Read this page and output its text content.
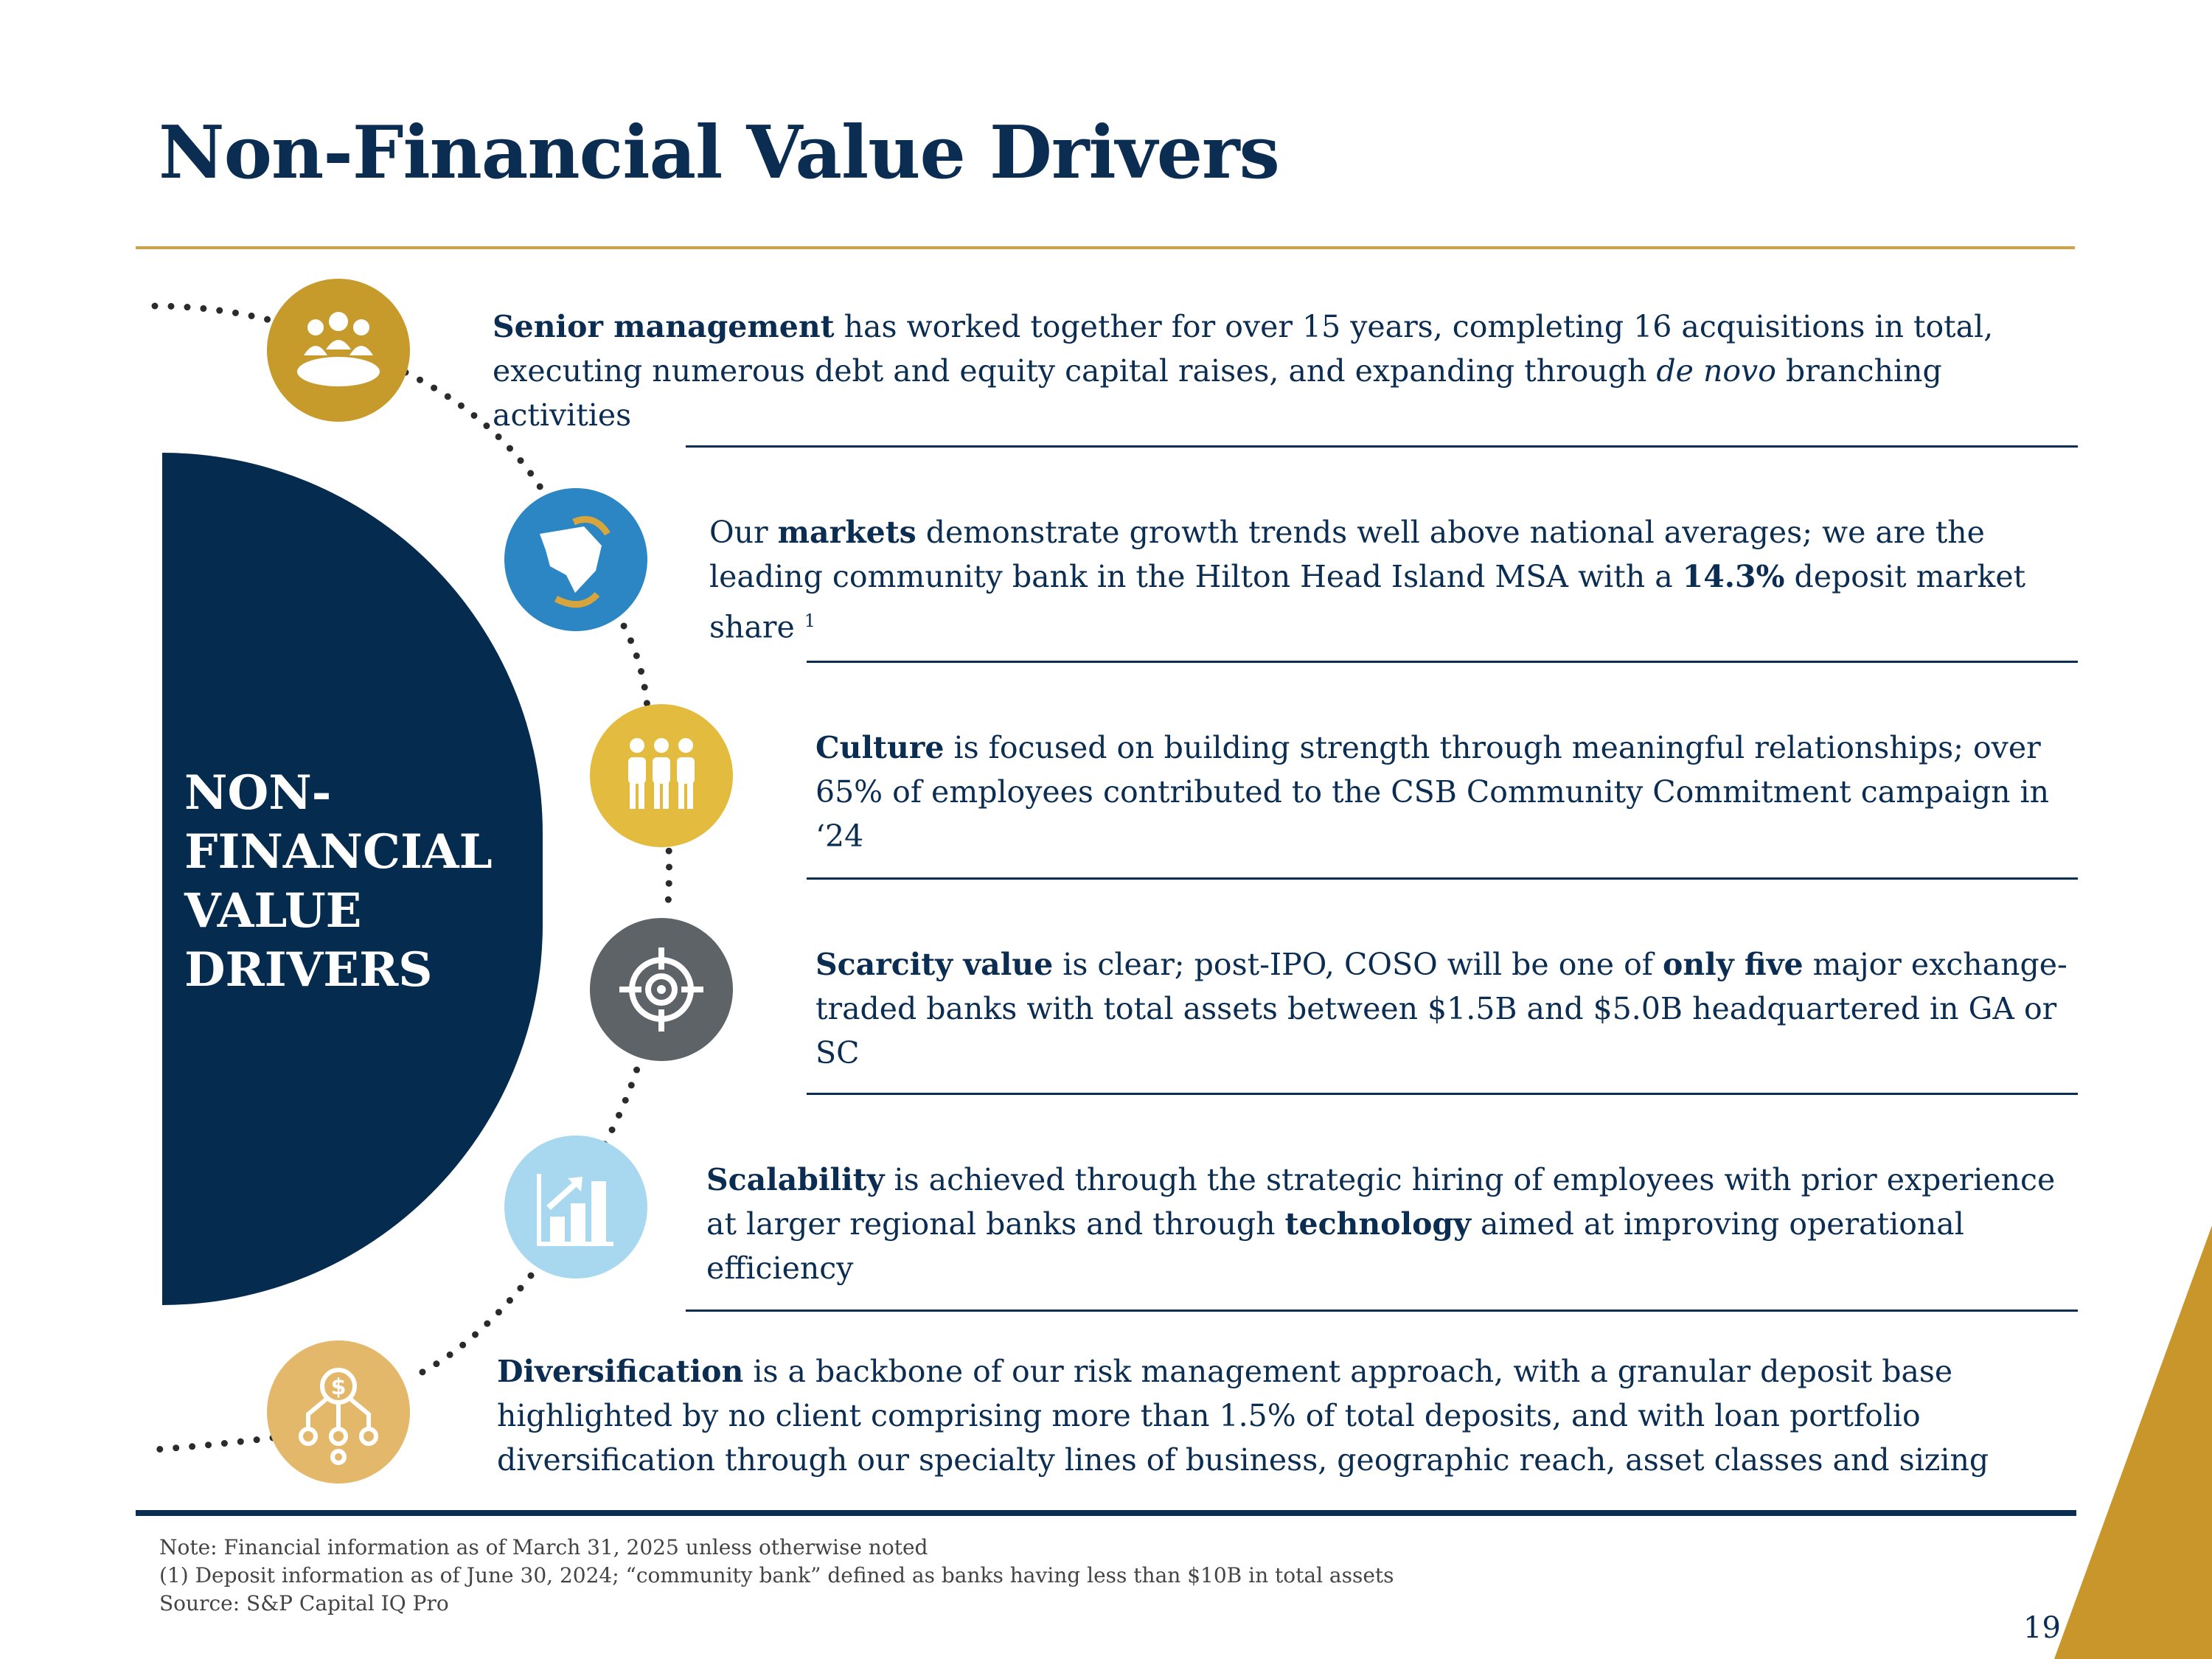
Non-Financial Value Drivers
NON-
FINANCIAL
VALUE
DRIVERS
$
Senior management has worked together for over 15 years, completing 16 acquisitions in total, executing numerous debt and equity capital raises, and expanding through de novo branching activities
Our markets demonstrate growth trends well above national averages; we are the leading community bank in the Hilton Head Island MSA with a 14.3% deposit market share $^1$
Culture is focused on building strength through meaningful relationships; over 65% of employees contributed to the CSB Community Commitment campaign in ‘24
Scarcity value is clear; post-IPO, COSO will be one of only five major exchange-traded banks with total assets between $1.5B and $5.0B headquartered in GA or SC
Scalability is achieved through the strategic hiring of employees with prior experience at larger regional banks and through technology aimed at improving operational efficiency
Diversification is a backbone of our risk management approach, with a granular deposit base highlighted by no client comprising more than 1.5% of total deposits, and with loan portfolio diversification through our specialty lines of business, geographic reach, asset classes and sizing
Note: Financial information as of March 31, 2025 unless otherwise noted
(1) Deposit information as of June 30, 2024; “community bank” defined as banks having less than $10B in total assets
Source: S&P Capital IQ Pro
19
